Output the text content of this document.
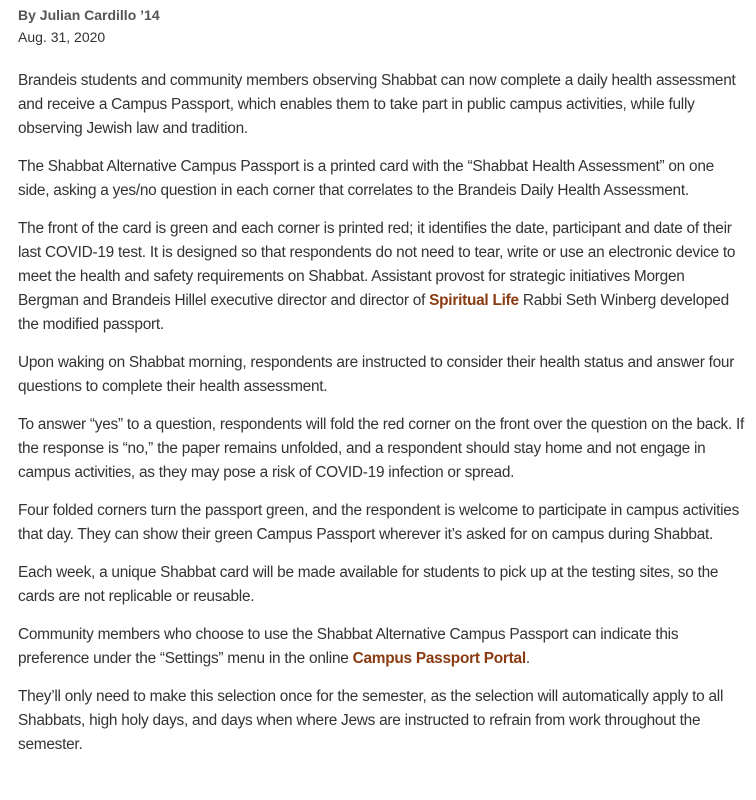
By Julian Cardillo ’14

Aug. 31, 2020

Brandeis students and community members observing Shabbat can now complete a daily health assessment and receive a Campus Passport, which enables them to take part in public campus activities, while fully observing Jewish law and tradition.

The Shabbat Alternative Campus Passport is a printed card with the “Shabbat Health Assessment” on one side, asking a yes/no question in each corner that correlates to the Brandeis Daily Health Assessment.

The front of the card is green and each corner is printed red; it identifies the date, participant and date of their last COVID-19 test. It is designed so that respondents do not need to tear, write or use an electronic device to meet the health and safety requirements on Shabbat. Assistant provost for strategic initiatives Morgen Bergman and Brandeis Hillel executive director and director of Spiritual Life Rabbi Seth Winberg developed the modified passport.

Upon waking on Shabbat morning, respondents are instructed to consider their health status and answer four questions to complete their health assessment.

To answer “yes” to a question, respondents will fold the red corner on the front over the question on the back. If the response is “no,” the paper remains unfolded, and a respondent should stay home and not engage in campus activities, as they may pose a risk of COVID-19 infection or spread.

Four folded corners turn the passport green, and the respondent is welcome to participate in campus activities that day. They can show their green Campus Passport wherever it’s asked for on campus during Shabbat.

Each week, a unique Shabbat card will be made available for students to pick up at the testing sites, so the cards are not replicable or reusable.

Community members who choose to use the Shabbat Alternative Campus Passport can indicate this preference under the “Settings” menu in the online Campus Passport Portal.

They’ll only need to make this selection once for the semester, as the selection will automatically apply to all Shabbats, high holy days, and days when where Jews are instructed to refrain from work throughout the semester.
